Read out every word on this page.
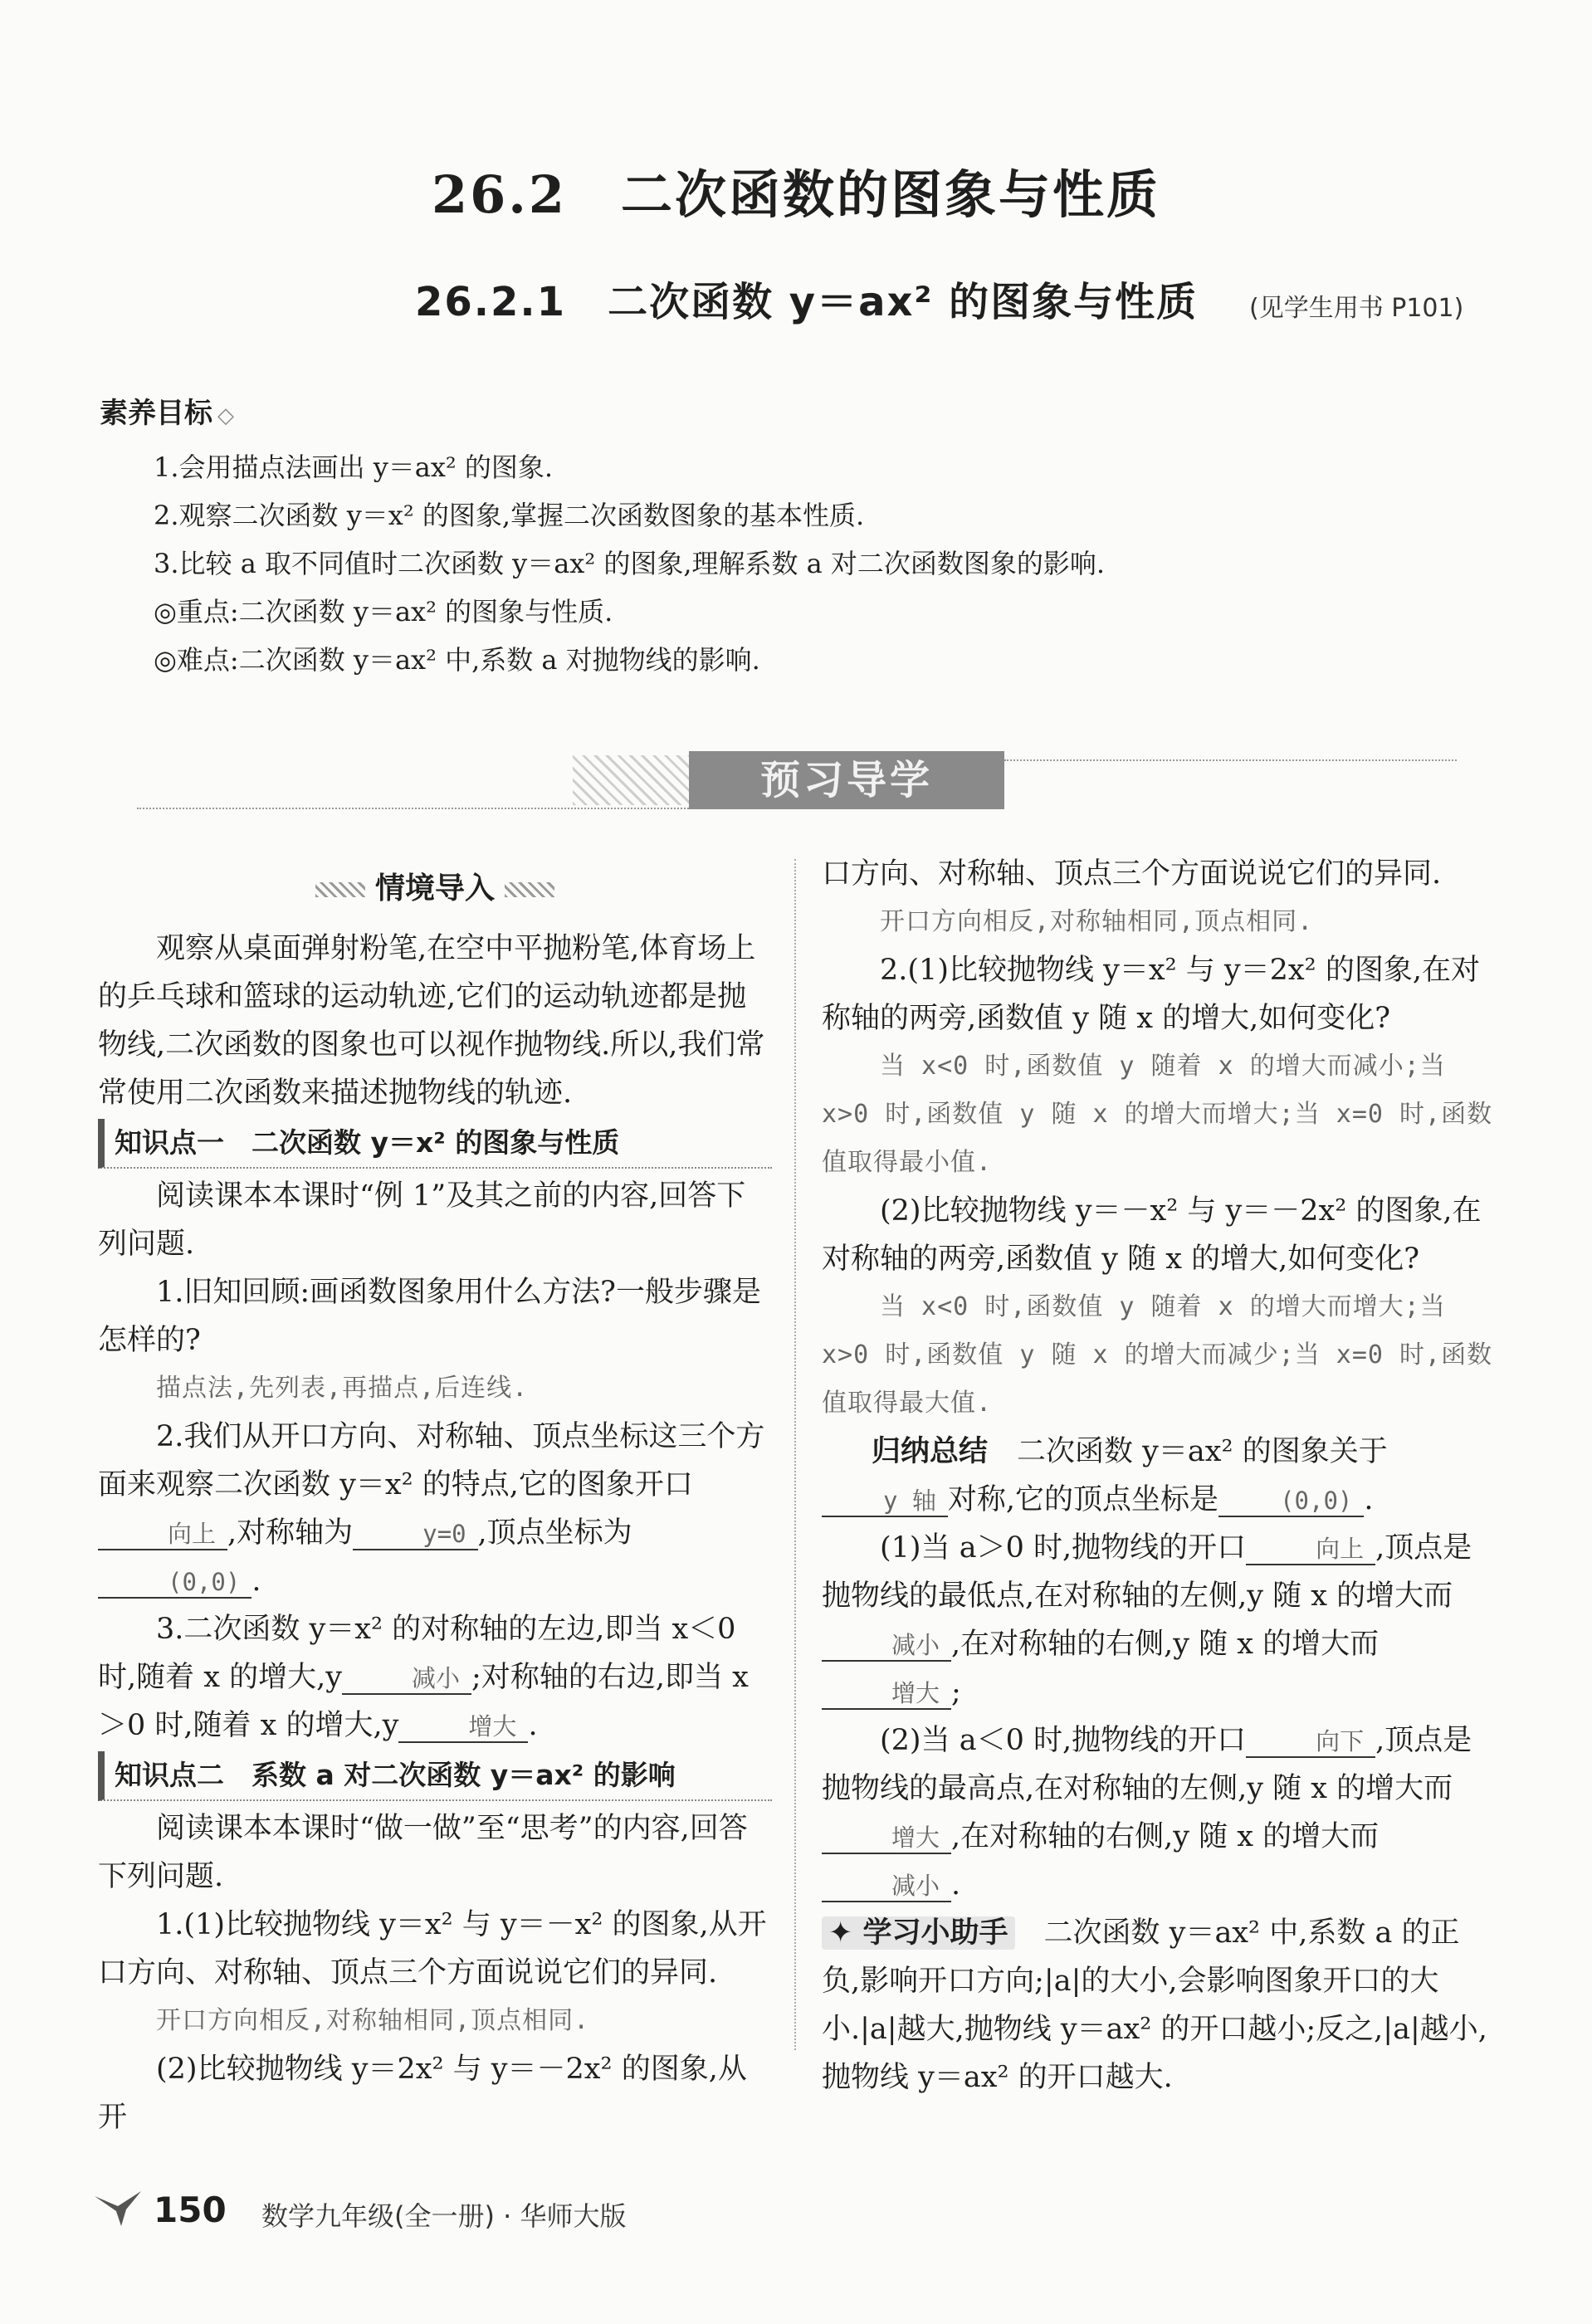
26.2　二次函数的图象与性质
26.2.1　二次函数 y＝ax² 的图象与性质 (见学生用书 P101)
素养目标 ◇
1.会用描点法画出 y＝ax² 的图象.
2.观察二次函数 y＝x² 的图象,掌握二次函数图象的基本性质.
3.比较 a 取不同值时二次函数 y＝ax² 的图象,理解系数 a 对二次函数图象的影响.
◎重点:二次函数 y＝ax² 的图象与性质.
◎难点:二次函数 y＝ax² 中,系数 a 对抛物线的影响.
预习导学
情境导入

观察从桌面弹射粉笔,在空中平抛粉笔,体育场上的乒乓球和篮球的运动轨迹,它们的运动轨迹都是抛物线,二次函数的图象也可以视作抛物线.所以,我们常常使用二次函数来描述抛物线的轨迹.

知识点一　二次函数 y＝x² 的图象与性质

阅读课本本课时“例 1”及其之前的内容,回答下列问题.

1.旧知回顾:画函数图象用什么方法?一般步骤是怎样的?

描点法,先列表,再描点,后连线.

2.我们从开口方向、对称轴、顶点坐标这三个方面来观察二次函数 y＝x² 的特点,它的图象开口向上 ,对称轴为	y=0 ,顶点坐标为(0,0) .

3.二次函数 y＝x² 的对称轴的左边,即当 x＜0 时,随着 x 的增大,y	减小 ;对称轴的右边,即当 x＞0 时,随着 x 的增大,y	增大 .

知识点二　系数 a 对二次函数 y＝ax² 的影响

阅读课本本课时“做一做”至“思考”的内容,回答下列问题.

1.(1)比较抛物线 y＝x² 与 y＝－x² 的图象,从开口方向、对称轴、顶点三个方面说说它们的异同.

开口方向相反,对称轴相同,顶点相同.

(2)比较抛物线 y＝2x² 与 y＝－2x² 的图象,从开

口方向、对称轴、顶点三个方面说说它们的异同.

开口方向相反,对称轴相同,顶点相同.

2.(1)比较抛物线 y＝x² 与 y＝2x² 的图象,在对称轴的两旁,函数值 y 随 x 的增大,如何变化?

当 x<0 时,函数值 y 随着 x 的增大而减小;当 x>0 时,函数值 y 随 x 的增大而增大;当 x=0 时,函数值取得最小值.

(2)比较抛物线 y＝－x² 与 y＝－2x² 的图象,在对称轴的两旁,函数值 y 随 x 的增大,如何变化?

当 x<0 时,函数值 y 随着 x 的增大而增大;当 x>0 时,函数值 y 随 x 的增大而减少;当 x=0 时,函数值取得最大值.

归纳总结　 二次函数 y＝ax² 的图象关于y 轴 对称,它的顶点坐标是	(0,0) .

(1)当 a＞0 时,抛物线的开口	向上 ,顶点是抛物线的最低点,在对称轴的左侧,y 随 x 的增大而减小 ,在对称轴的右侧,y 随 x 的增大而增大 ;

(2)当 a＜0 时,抛物线的开口	向下 ,顶点是抛物线的最高点,在对称轴的左侧,y 随 x 的增大而增大 ,在对称轴的右侧,y 随 x 的增大而减小 .

✦ 学习小助手　 二次函数 y＝ax² 中,系数 a 的正负,影响开口方向;|a|的大小,会影响图象开口的大小.|a|越大,抛物线 y＝ax² 的开口越小;反之,|a|越小,抛物线 y＝ax² 的开口越大.

150 数学九年级(全一册) · 华师大版
